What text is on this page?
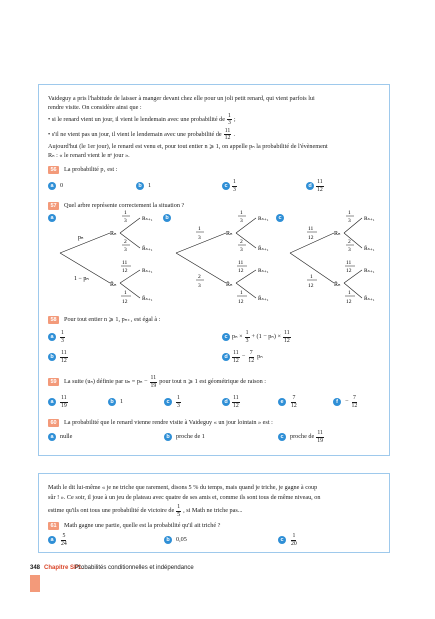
Vaideguy a pris l'habitude de laisser à manger devant chez elle pour un joli petit renard, qui vient parfois lui
rendre visite. On considère ainsi que :
• si le renard vient un jour, il vient le lendemain avec une probabilité de $\frac{1}{3}$ ;
• s'il ne vient pas un jour, il vient le lendemain avec une probabilité de $\frac{11}{12}$ .
Aujourd'hui (le 1er jour), le renard est venu et, pour tout entier n ⩾ 1, on appelle pₙ la probabilité de l'évènement
Rₙ : « le renard vient le nᵉ jour ».
56	La probabilité p₁ est :
a	0	b	1	c $\frac{1}{3}$	d $\frac{11}{12}$
57	Quel arbre représente correctement la situation ?
a	b	c
pₙ
1 − pₙ
Rₙ
R̄ₙ
Rₙ₊₁
R̄ₙ₊₁
Rₙ₊₁
R̄ₙ₊₁
1
3
2
3
11
12
1
12
1
3
2
3
Rₙ
R̄ₙ
Rₙ₊₁
R̄ₙ₊₁
Rₙ₊₁
R̄ₙ₊₁
1
3
2
3
11
12
1
12
11
12
1
12
Rₙ
R̄ₙ
Rₙ₊₁
R̄ₙ₊₁
Rₙ₊₁
R̄ₙ₊₁
1
3
2
3
11
12
1
12
58	Pour tout entier n ⩾ 1, pₙ₊₁ est égal à :
a	$\frac{1}{3}$
b	$\frac{11}{12}$
c $p_n \times \frac{1}{3} + (1 - p_n) \times \frac{11}{12}$
d $\frac{11}{12} - \frac{7}{12}$ pₙ
59	La suite (uₙ) définie par $u_n = p_n - \frac{11}{19}$ pour tout n ⩾ 1 est géométrique de raison :
a	$\frac{11}{19}$	b	1	c	$\frac{1}{3}$	d $\frac{11}{12}$	e	$\frac{7}{12}$	f	− $\frac{7}{12}$
60	La probabilité que le renard vienne rendre visite à Vaideguy « un jour lointain » est :
a	nulle	b	proche de 1	c	proche de $\frac{11}{19}$
Math le dit lui-même « je ne triche que rarement, disons 5 % du temps, mais quand je triche, je gagne à coup
sûr ! ». Ce soir, il joue à un jeu de plateau avec quatre de ses amis et, comme ils sont tous de même niveau, on
estime qu'ils ont tous une probabilité de victoire de $\frac{1}{5}$ , si Math ne triche pas...
61	Math gagne une partie, quelle est la probabilité qu'il ait triché ?
a	$\frac{5}{24}$	b	0,05	c	$\frac{1}{20}$
348 Chapitre SP1.
Probabilités conditionnelles et indépendance
